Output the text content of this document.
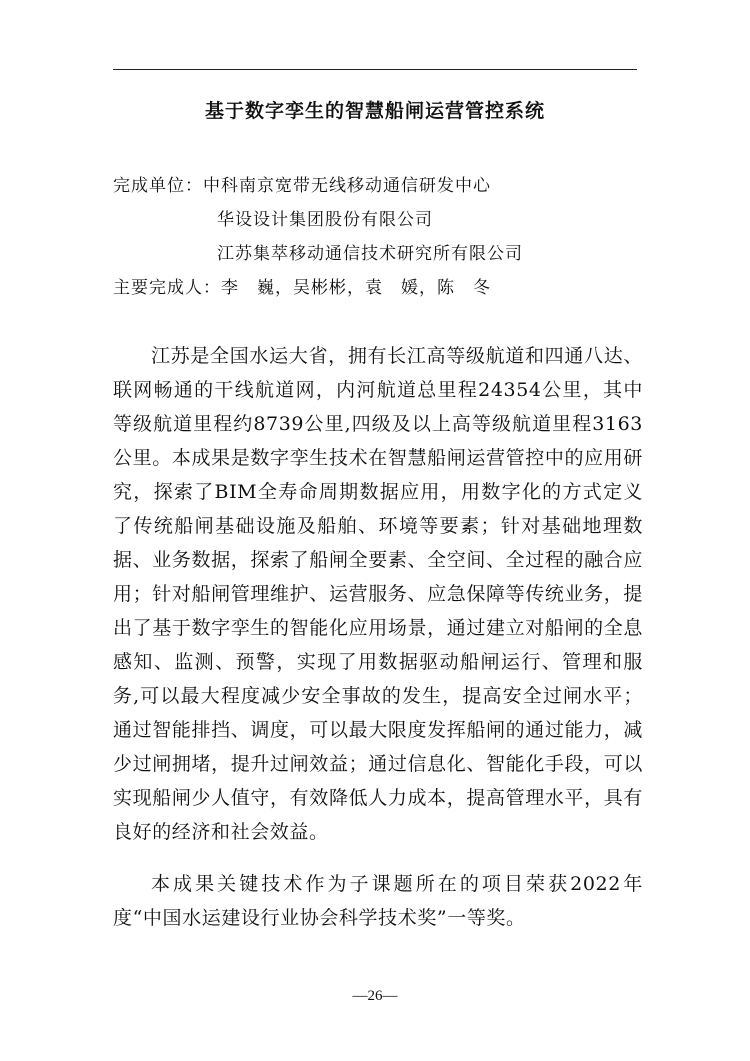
基于数字孪生的智慧船闸运营管控系统
完成单位：中科南京宽带无线移动通信研发中心
华设设计集团股份有限公司
江苏集萃移动通信技术研究所有限公司
主要完成人：李　巍，吴彬彬，袁　媛，陈　冬

江苏是全国水运大省，拥有长江高等级航道和四通八达、联网畅通的干线航道网，内河航道总里程24354公里，其中等级航道里程约8739公里,四级及以上高等级航道里程3163公里。本成果是数字孪生技术在智慧船闸运营管控中的应用研究，探索了BIM全寿命周期数据应用，用数字化的方式定义了传统船闸基础设施及船舶、环境等要素；针对基础地理数据、业务数据，探索了船闸全要素、全空间、全过程的融合应用；针对船闸管理维护、运营服务、应急保障等传统业务，提出了基于数字孪生的智能化应用场景，通过建立对船闸的全息感知、监测、预警，实现了用数据驱动船闸运行、管理和服务,可以最大程度减少安全事故的发生，提高安全过闸水平；通过智能排挡、调度，可以最大限度发挥船闸的通过能力，减少过闸拥堵，提升过闸效益；通过信息化、智能化手段，可以实现船闸少人值守，有效降低人力成本，提高管理水平，具有良好的经济和社会效益。

本成果关键技术作为子课题所在的项目荣获2022年度“中国水运建设行业协会科学技术奖”一等奖。

—26—
